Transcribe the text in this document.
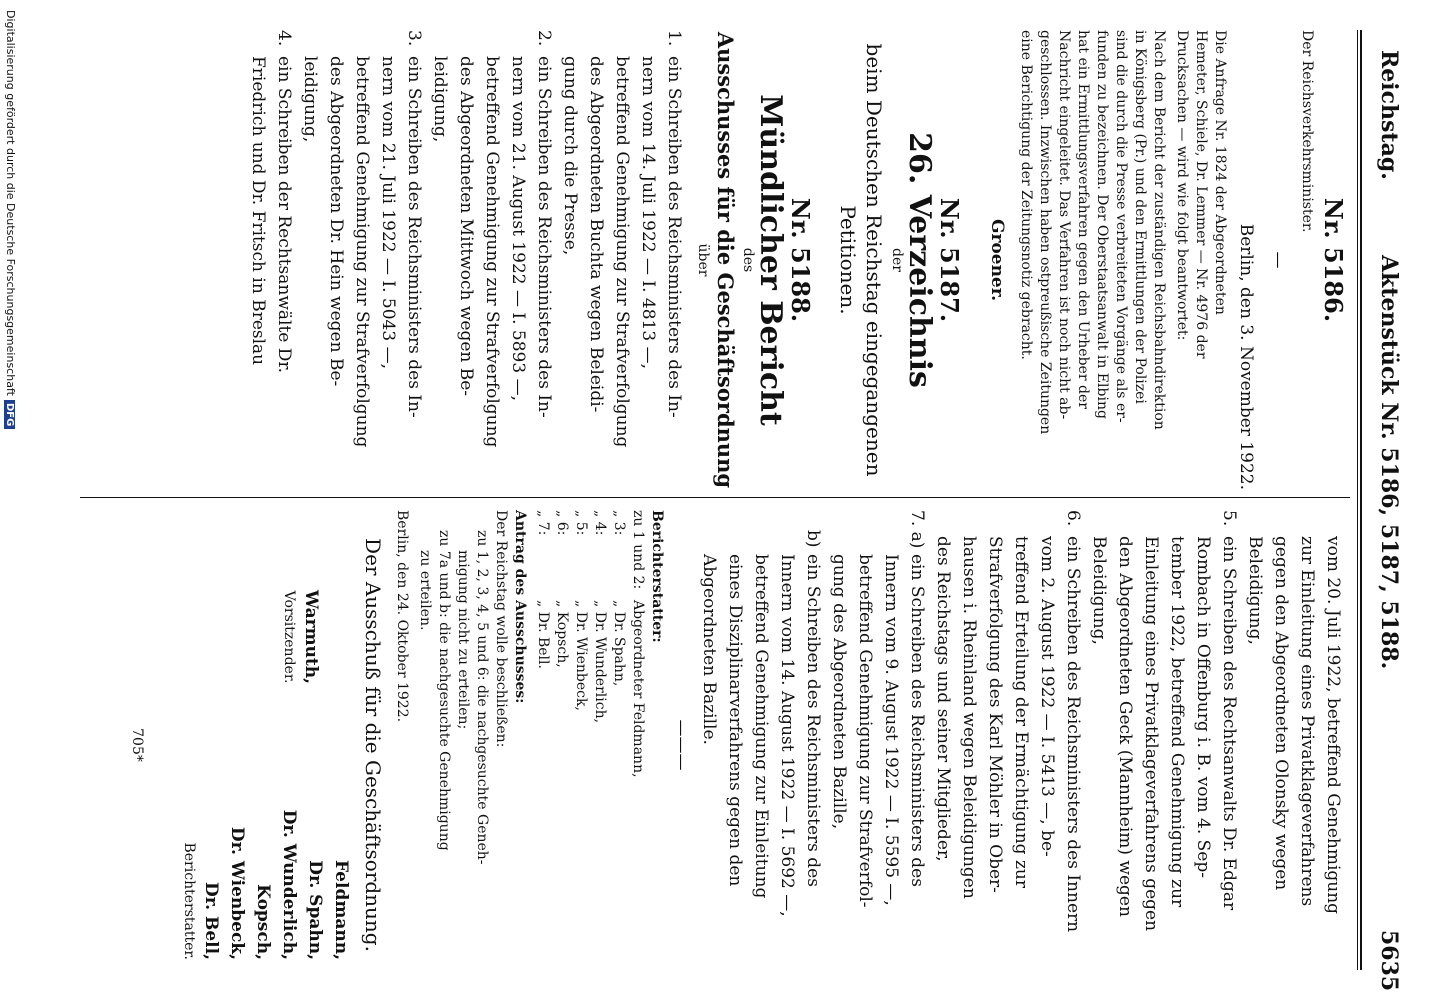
Reichstag.
Aktenstück Nr. 5186, 5187, 5188.
5635
Nr. 5186.

Der Reichsverkehrsminister.

—

Berlin, den 3. November 1922.

Die Anfrage Nr. 1824 der Abgeordneten

Hemeter, Schiele, Dr. Lemmer — Nr. 4976 der

Drucksachen — wird wie folgt beantwortet:

Nach dem Bericht der zuständigen Reichsbahndirektion

in Königsberg (Pr.) und den Ermittlungen der Polizei

sind die durch die Presse verbreiteten Vorgänge als er-

funden zu bezeichnen. Der Oberstaatsanwalt in Elbing

hat ein Ermittlungsverfahren gegen den Urheber der

Nachricht eingeleitet. Das Verfahren ist noch nicht ab-

geschlossen. Inzwischen haben ostpreußische Zeitungen

eine Berichtigung der Zeitungsnotiz gebracht.

Groener.

Nr. 5187.
26. Verzeichnis

der

beim Deutschen Reichstag eingegangenen

Petitionen.

Nr. 5188.
Mündlicher Bericht

des

Ausschusses für die Geschäftsordnung

über

1.

ein Schreiben des Reichsministers des In-

nern vom 14. Juli 1922 — I. 4813 —,

betreffend Genehmigung zur Strafverfolgung

des Abgeordneten Buchta wegen Beleidi-

gung durch die Presse,

2.

ein Schreiben des Reichsministers des In-

nern vom 21. August 1922 — I. 5893 —,

betreffend Genehmigung zur Strafverfolgung

des Abgeordneten Mittwoch wegen Be-

leidigung,

3.

ein Schreiben des Reichsministers des In-

nern vom 21. Juli 1922 — I. 5043 —,

betreffend Genehmigung zur Strafverfolgung

des Abgeordneten Dr. Hein wegen Be-

leidigung,

4.

ein Schreiben der Rechtsanwälte Dr.

Friedrich und Dr. Fritsch in Breslau

vom 20. Juli 1922, betreffend Genehmigung

zur Einleitung eines Privatklageverfahrens

gegen den Abgeordneten Olonsky wegen

Beleidigung,

5.

ein Schreiben des Rechtsanwalts Dr. Edgar

Rombach in Offenburg i. B. vom 4. Sep-

tember 1922, betreffend Genehmigung zur

Einleitung eines Privatklageverfahrens gegen

den Abgeordneten Geck (Mannheim) wegen

Beleidigung,

6.

ein Schreiben des Reichsministers des Innern

vom 2. August 1922 — I. 5413 —, be-

treffend Erteilung der Ermächtigung zur

Strafverfolgung des Karl Möhler in Ober-

hausen i. Rheinland wegen Beleidigungen

des Reichstags und seiner Mitglieder,

7. a)

ein Schreiben des Reichsministers des

Innern vom 9. August 1922 — I. 5595 —,

betreffend Genehmigung zur Strafverfol-

gung des Abgeordneten Bazille,

b)

ein Schreiben des Reichsministers des

Innern vom 14. August 1922 — I. 5692 —,

betreffend Genehmigung zur Einleitung

eines Disziplinarverfahrens gegen den

Abgeordneten Bazille.

———

Berichterstatter:

zu 1 und 2:Abgeordneter Feldmann,

„ 3:„ Dr. Spahn,

„ 4:„ Dr. Wunderlich,

„ 5:„ Dr. Wienbeck,

„ 6:„ Kopsch,

„ 7:„ Dr. Bell.

Antrag des Ausschusses:

Der Reichstag wolle beschließen:

zu 1, 2, 3, 4, 5 und 6: die nachgesuchte Geneh-

migung nicht zu erteilen;

zu 7a und b: die nachgesuchte Genehmigung

zu erteilen.

Berlin, den 24. Oktober 1922.

Der Ausschuß für die Geschäftsordnung.

Warmuth,

Vorsitzender.

Feldmann,

Dr. Spahn,

Dr. Wunderlich,

Kopsch,

Dr. Wienbeck,

Dr. Bell,

Berichterstatter.

705*

Digitalisierung gefördert durch die Deutsche ForschungsgemeinschaftDFG
